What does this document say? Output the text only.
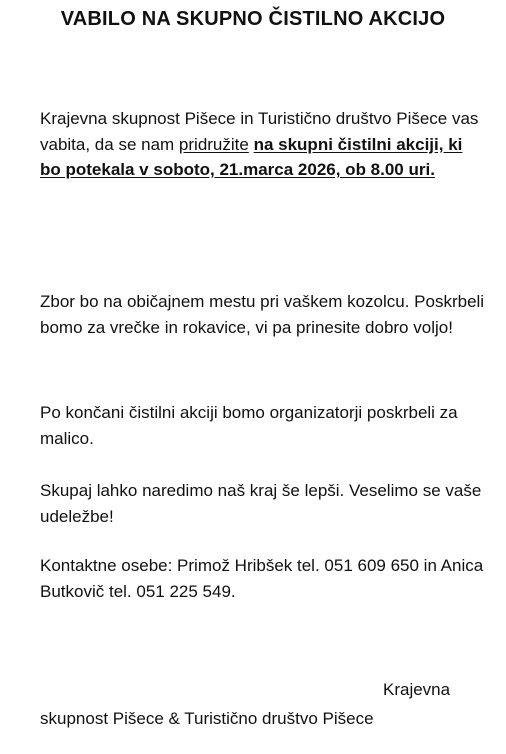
VABILO NA SKUPNO ČISTILNO AKCIJO

Krajevna skupnost Pišece in Turistično društvo Pišece vas vabita, da se nam pridružite na skupni čistilni akciji, ki bo potekala v soboto, 21.marca 2026, ob 8.00 uri.

Zbor bo na običajnem mestu pri vaškem kozolcu. Poskrbeli bomo za vrečke in rokavice, vi pa prinesite dobro voljo!

Po končani čistilni akciji bomo organizatorji poskrbeli za malico.

Skupaj lahko naredimo naš kraj še lepši. Veselimo se vaše udeležbe!

Kontaktne osebe: Primož Hribšek tel. 051 609 650 in Anica Butkovič tel. 051 225 549.

Krajevna

skupnost Pišece & Turistično društvo Pišece
